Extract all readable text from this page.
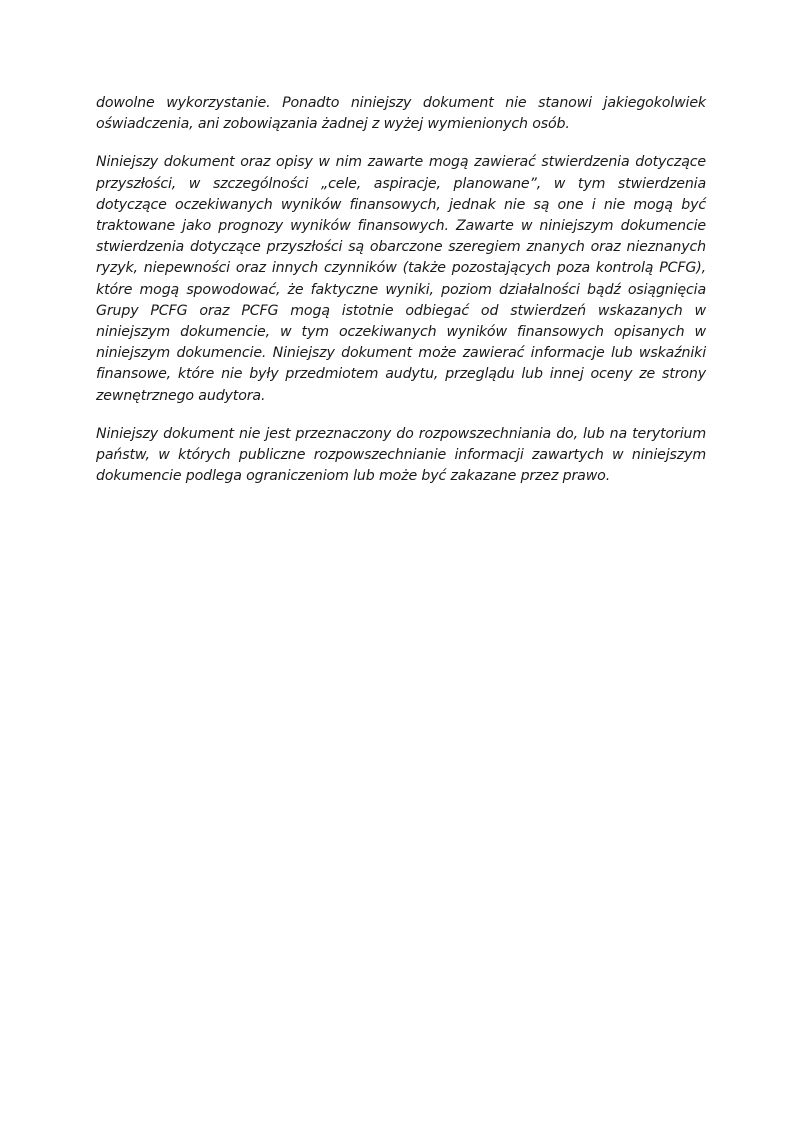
dowolne wykorzystanie. Ponadto niniejszy dokument nie stanowi jakiegokolwiek oświadczenia, ani zobowiązania żadnej z wyżej wymienionych osób.

Niniejszy dokument oraz opisy w nim zawarte mogą zawierać stwierdzenia dotyczące przyszłości, w szczególności „cele, aspiracje, planowane”, w tym stwierdzenia dotyczące oczekiwanych wyników finansowych, jednak nie są one i nie mogą być traktowane jako prognozy wyników finansowych. Zawarte w niniejszym dokumencie stwierdzenia dotyczące przyszłości są obarczone szeregiem znanych oraz nieznanych ryzyk, niepewności oraz innych czynników (także pozostających poza kontrolą PCFG), które mogą spowodować, że faktyczne wyniki, poziom działalności bądź osiągnięcia Grupy PCFG oraz PCFG mogą istotnie odbiegać od stwierdzeń wskazanych w niniejszym dokumencie, w tym oczekiwanych wyników finansowych opisanych w niniejszym dokumencie. Niniejszy dokument może zawierać informacje lub wskaźniki finansowe, które nie były przedmiotem audytu, przeglądu lub innej oceny ze strony zewnętrznego audytora.

Niniejszy dokument nie jest przeznaczony do rozpowszechniania do, lub na terytorium państw, w których publiczne rozpowszechnianie informacji zawartych w niniejszym dokumencie podlega ograniczeniom lub może być zakazane przez prawo.
